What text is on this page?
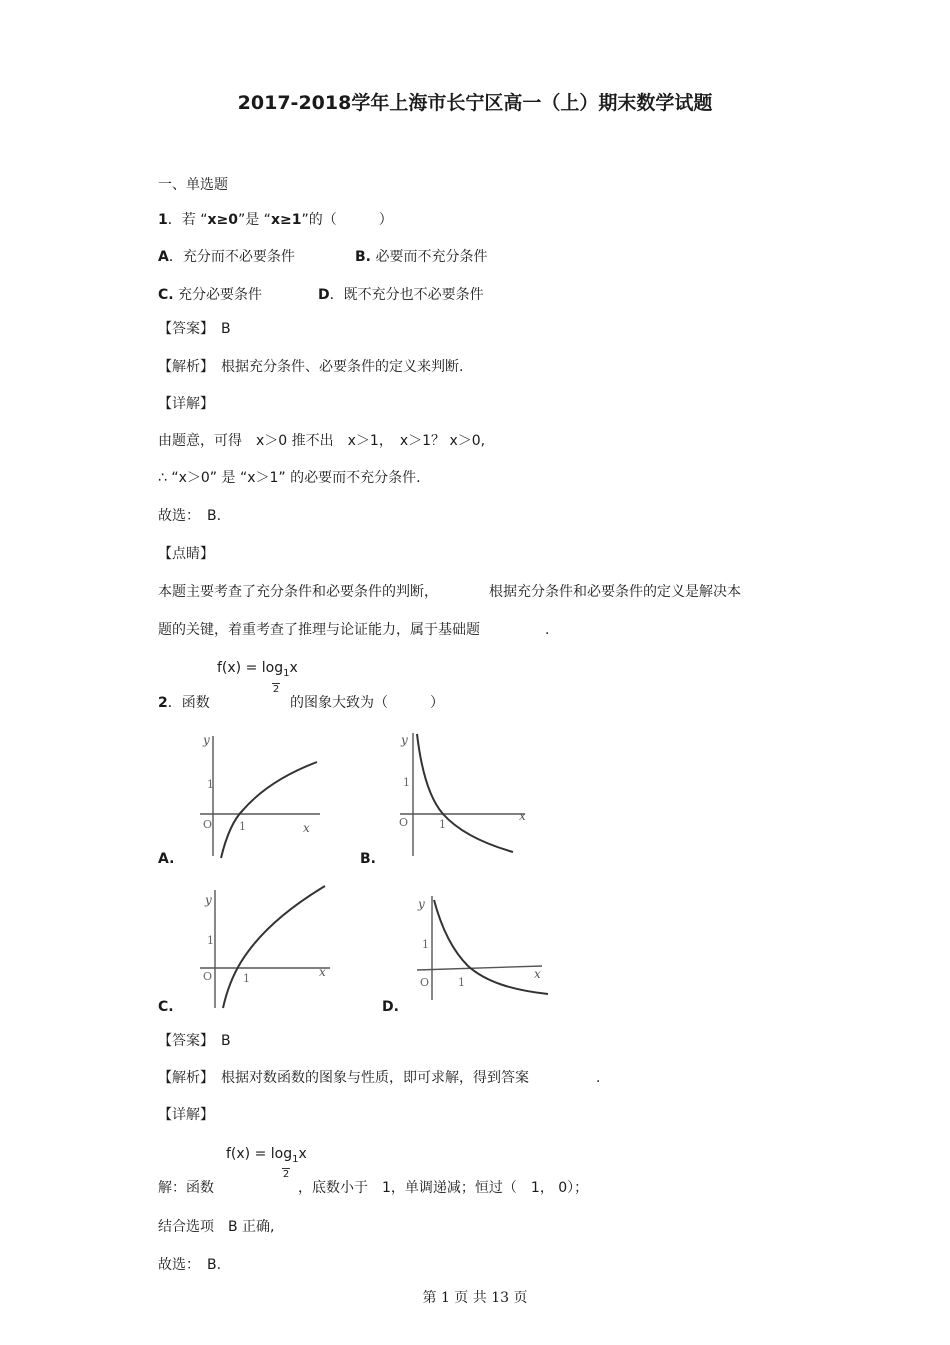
2017-2018学年上海市长宁区高一（上）期末数学试题
一、单选题
1．若 “x≥0”是 “x≥1”的（　　　）
A．充分而不必要条件	B. 必要而不充分条件
C. 充分必要条件	D．既不充分也不必要条件
【答案】　 B
【解析】　 根据充分条件、必要条件的定义来判断.
【详解】
由题意，可得　x＞0 推不出　x＞1，　x＞1？ x＞0,
∴ “x＞0” 是 “x＞1” 的必要而不充分条件.
故选：　B.
【点睛】
本题主要考查了充分条件和必要条件的判断，	根据充分条件和必要条件的定义是解决本
题的关键，着重考查了推理与论证能力，属于基础题	.
$f(x) = \log_1x$
2
2．函数	的图象大致为（　　　）
y
x
1
1
O
A.
y
x
1
1
O
B.
y
x
1
1
O
C.
y
x
1
1
O
D.
【答案】　 B
【解析】　 根据对数函数的图象与性质，即可求解，得到答案	.
【详解】
$f(x) = \log_1x$
2
解：函数	，底数小于　1，单调递减；恒过（　1， 0）；
结合选项　B 正确,
故选：　B.
第 1 页 共 13 页
